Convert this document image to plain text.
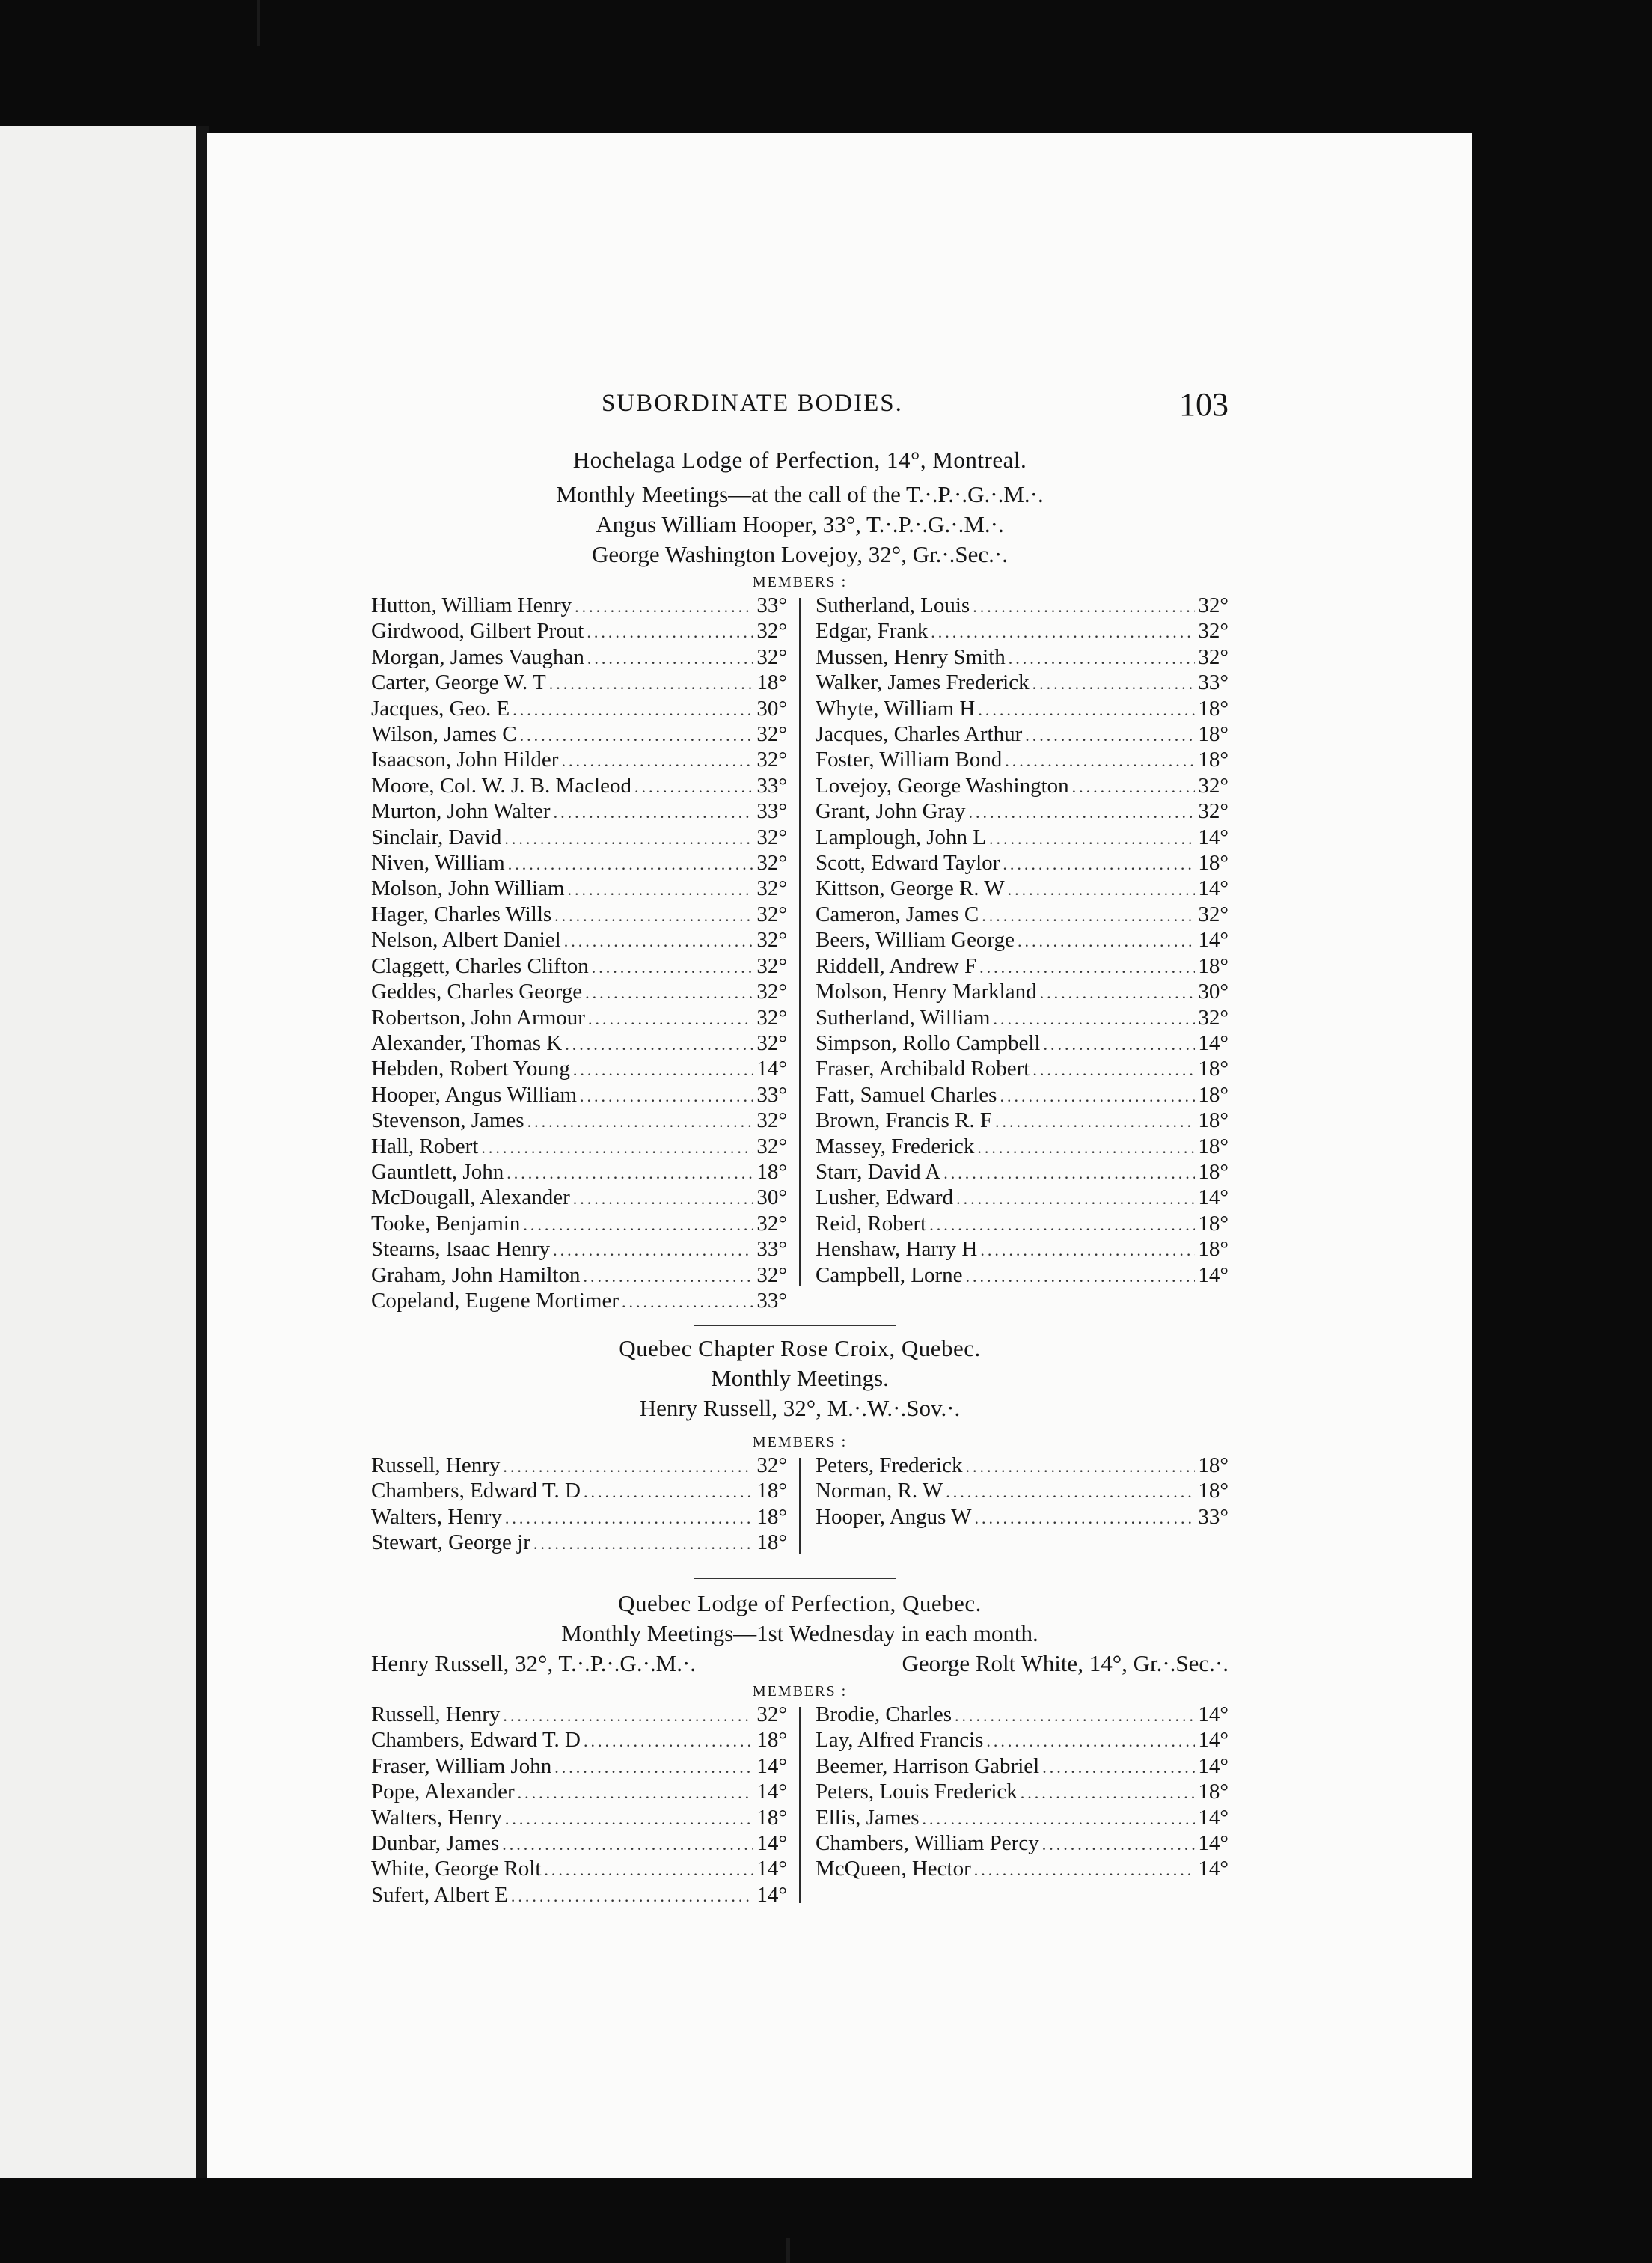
SUBORDINATE BODIES.	103
Hochelaga Lodge of Perfection, 14°, Montreal.
Monthly Meetings—at the call of the T.·.P.·.G.·.M.·.
Angus William Hooper, 33°, T.·.P.·.G.·.M.·.
George Washington Lovejoy, 32°, Gr.·.Sec.·.
MEMBERS :
Hutton, William Henry .....	33°
Girdwood, Gilbert Prout .....	32°
Morgan, James Vaughan .....	32°
Carter, George W. T .....	18°
Jacques, Geo. E .....	30°
Wilson, James C .....	32°
Isaacson, John Hilder .....	32°
Moore, Col. W. J. B. Macleod .....	33°
Murton, John Walter .....	33°
Sinclair, David .....	32°
Niven, William .....	32°
Molson, John William .....	32°
Hager, Charles Wills .....	32°
Nelson, Albert Daniel .....	32°
Claggett, Charles Clifton .....	32°
Geddes, Charles George .....	32°
Robertson, John Armour .....	32°
Alexander, Thomas K .....	32°
Hebden, Robert Young .....	14°
Hooper, Angus William .....	33°
Stevenson, James .....	32°
Hall, Robert .....	32°
Gauntlett, John .....	18°
McDougall, Alexander .....	30°
Tooke, Benjamin .....	32°
Stearns, Isaac Henry .....	33°
Graham, John Hamilton .....	32°
Copeland, Eugene Mortimer .....	33°
Sutherland, Louis .....	32°
Edgar, Frank .....	32°
Mussen, Henry Smith .....	32°
Walker, James Frederick .....	33°
Whyte, William H .....	18°
Jacques, Charles Arthur .....	18°
Foster, William Bond .....	18°
Lovejoy, George Washington .....	32°
Grant, John Gray .....	32°
Lamplough, John L .....	14°
Scott, Edward Taylor .....	18°
Kittson, George R. W .....	14°
Cameron, James C .....	32°
Beers, William George .....	14°
Riddell, Andrew F .....	18°
Molson, Henry Markland .....	30°
Sutherland, William .....	32°
Simpson, Rollo Campbell .....	14°
Fraser, Archibald Robert .....	18°
Fatt, Samuel Charles .....	18°
Brown, Francis R. F .....	18°
Massey, Frederick .....	18°
Starr, David A .....	18°
Lusher, Edward .....	14°
Reid, Robert .....	18°
Henshaw, Harry H .....	18°
Campbell, Lorne .....	14°
Quebec Chapter Rose Croix, Quebec.
Monthly Meetings.
Henry Russell, 32°, M.·.W.·.Sov.·.
MEMBERS :
Russell, Henry .....	32°
Chambers, Edward T. D .....	18°
Walters, Henry .....	18°
Stewart, George jr .....	18°
Peters, Frederick .....	18°
Norman, R. W .....	18°
Hooper, Angus W .....	33°
Quebec Lodge of Perfection, Quebec.
Monthly Meetings—1st Wednesday in each month.
Henry Russell, 32°, T.·.P.·.G.·.M.·.	George Rolt White, 14°, Gr.·.Sec.·.
MEMBERS :
Russell, Henry .....	32°
Chambers, Edward T. D .....	18°
Fraser, William John .....	14°
Pope, Alexander .....	14°
Walters, Henry .....	18°
Dunbar, James .....	14°
White, George Rolt .....	14°
Sufert, Albert E .....	14°
Brodie, Charles .....	14°
Lay, Alfred Francis .....	14°
Beemer, Harrison Gabriel .....	14°
Peters, Louis Frederick .....	18°
Ellis, James .....	14°
Chambers, William Percy .....	14°
McQueen, Hector .....	14°
